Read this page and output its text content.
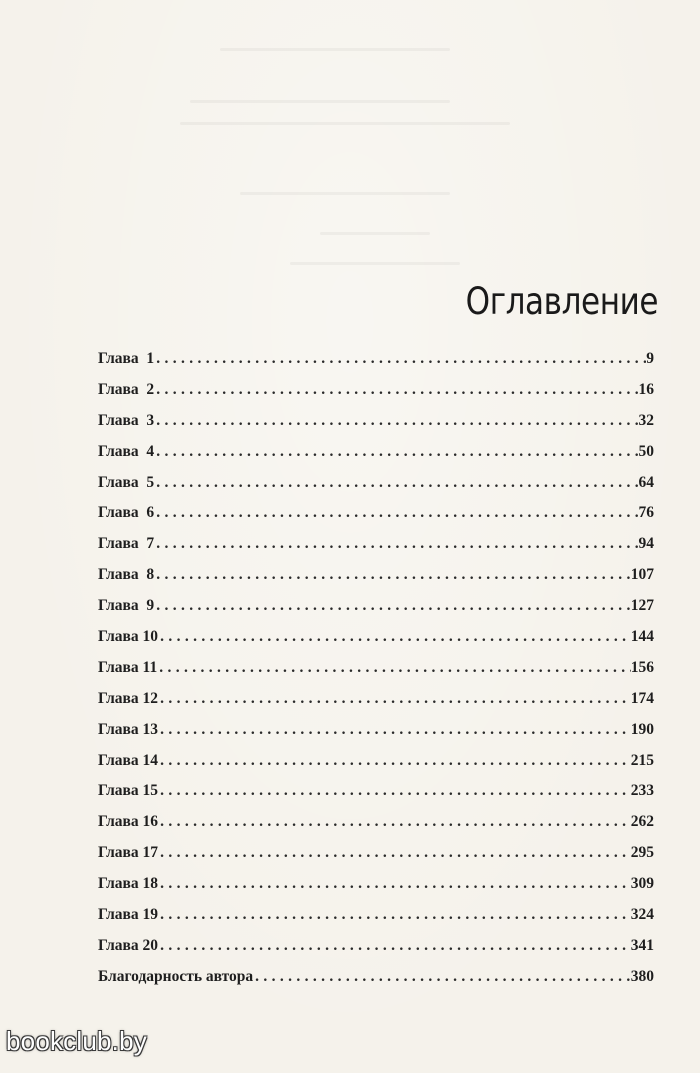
Оглавление
Глава  1 . . .	9
Глава  2 . . .	16
Глава  3 . . .	32
Глава  4 . . .	50
Глава  5 . . .	64
Глава  6 . . .	76
Глава  7 . . .	94
Глава  8 . . .	107
Глава  9 . . .	127
Глава 10 . . .	144
Глава 11 . . .	156
Глава 12 . . .	174
Глава 13 . . .	190
Глава 14 . . .	215
Глава 15 . . .	233
Глава 16 . . .	262
Глава 17 . . .	295
Глава 18 . . .	309
Глава 19 . . .	324
Глава 20 . . .	341
Благодарность автора . . .	380
bookclub.by
